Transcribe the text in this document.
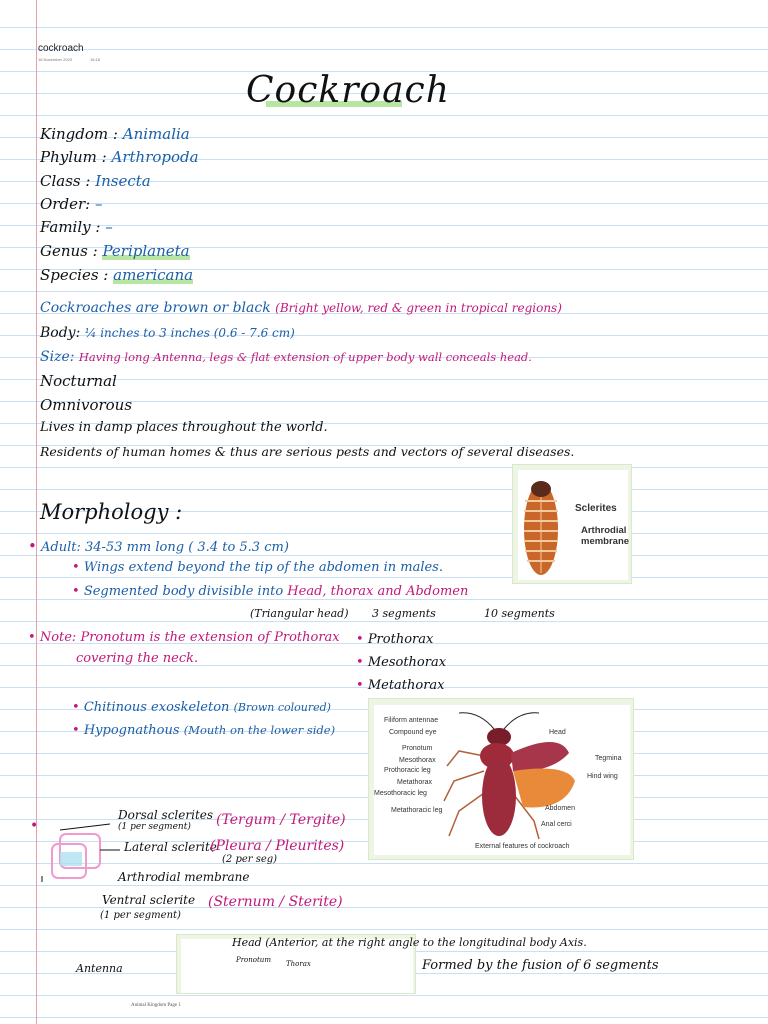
cockroach
16 November 2023	16:18
Cockroach
Kingdom : Animalia
Phylum : Arthropoda
Class : Insecta
Order: –
Family : –
Genus : Periplaneta
Species : americana
Cockroaches are brown or black (Bright yellow, red & green in tropical regions)
Body: ¼ inches to 3 inches (0.6 - 7.6 cm)
Size: Having long Antenna, legs & flat extension of upper body wall conceals head.
Nocturnal
Omnivorous
Lives in damp places throughout the world.
Residents of human homes & thus are serious pests and vectors of several diseases.
Sclerites
Arthrodial membrane
Morphology :
• Adult: 34-53 mm long ( 3.4 to 5.3 cm)
• Wings extend beyond the tip of the abdomen in males.
• Segmented body divisible into Head, thorax and Abdomen
(Triangular head) 3 segments	10 segments
• Note: Pronotum is the extension of Prothorax
covering the neck.
• Prothorax
• Mesothorax
• Metathorax
• Chitinous exoskeleton (Brown coloured)
• Hypognathous (Mouth on the lower side)
Filiform antennae
Compound eye
Pronotum
Mesothorax
Prothoracic leg
Metathorax
Mesothoracic leg
Metathoracic leg
Head
Tegmina
Hind wing
Abdomen
Anal cerci
External features of cockroach
•
Dorsal sclerites
(1 per segment) (Tergum / Tergite)
Lateral sclerite
(Pleura / Pleurites)
(2 per seg)
Arthrodial membrane
Ventral sclerite (Sternum / Sterite)
(1 per segment)
Head (Anterior, at the right angle to the longitudinal body Axis.
Pronotum Thorax
Antenna	Formed by the fusion of 6 segments
Animal Kingdom Page 1
